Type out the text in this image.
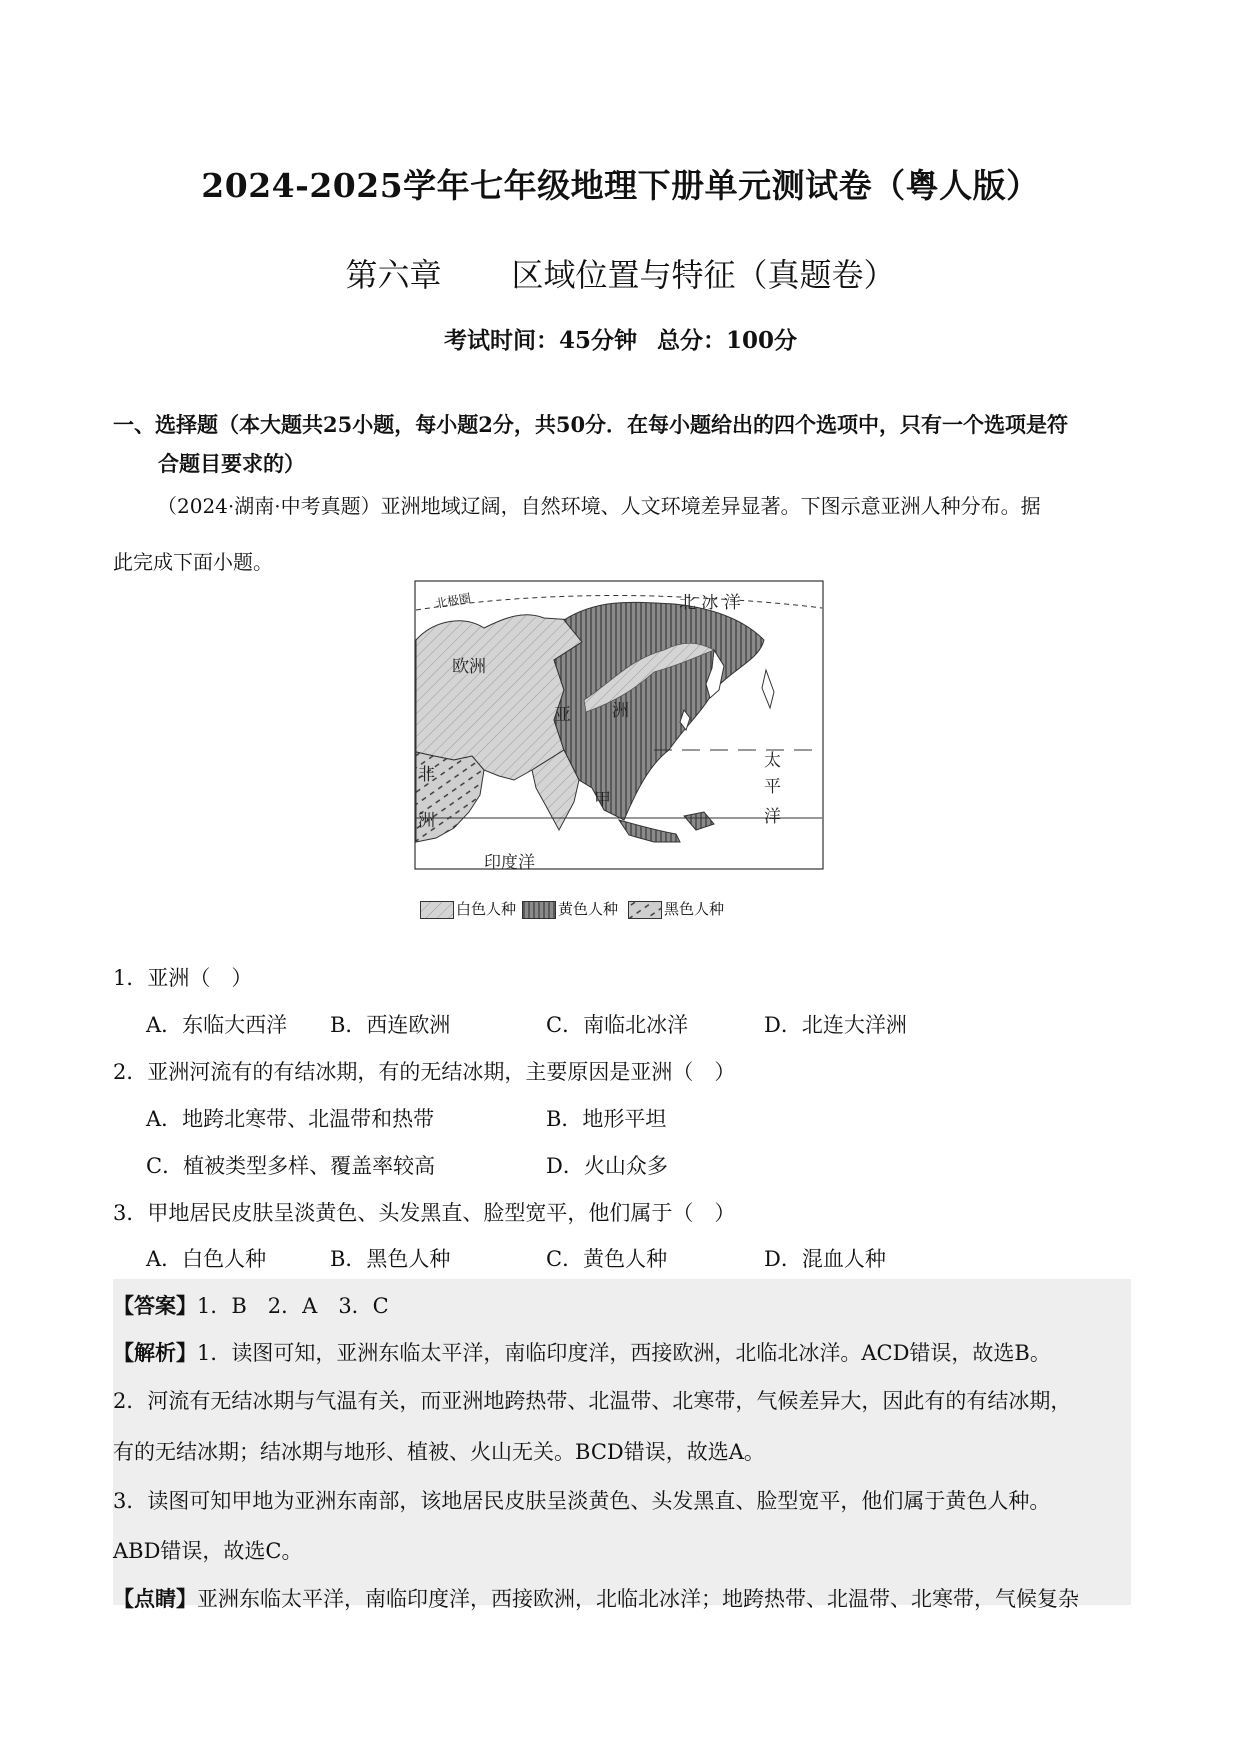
2024-2025学年七年级地理下册单元测试卷（粤人版）
第六章 区域位置与特征（真题卷）
考试时间：45分钟 总分：100分
一、选择题（本大题共25小题，每小题2分，共50分．在每小题给出的四个选项中，只有一个选项是符
合题目要求的）
（2024·湖南·中考真题）亚洲地域辽阔，自然环境、人文环境差异显著。下图示意亚洲人种分布。据
此完成下面小题。
北极圈	北 冰 洋
欧洲
亚 洲
非
洲
太
平
洋
甲
印度洋
白色人种	黄色人种	黑色人种
1．亚洲（　）
A．东临大西洋 B．西连欧洲	C．南临北冰洋	D．北连大洋洲
2．亚洲河流有的有结冰期，有的无结冰期，主要原因是亚洲（　）
A．地跨北寒带、北温带和热带	B．地形平坦
C．植被类型多样、覆盖率较高	D．火山众多
3．甲地居民皮肤呈淡黄色、头发黑直、脸型宽平，他们属于（　）
A．白色人种	B．黑色人种	C．黄色人种	D．混血人种
【答案】1．B　2．A　3．C
【解析】1．读图可知，亚洲东临太平洋，南临印度洋，西接欧洲，北临北冰洋。ACD错误，故选B。
2．河流有无结冰期与气温有关，而亚洲地跨热带、北温带、北寒带，气候差异大，因此有的有结冰期，
有的无结冰期；结冰期与地形、植被、火山无关。BCD错误，故选A。
3．读图可知甲地为亚洲东南部，该地居民皮肤呈淡黄色、头发黑直、脸型宽平，他们属于黄色人种。
ABD错误，故选C。
【点睛】亚洲东临太平洋，南临印度洋，西接欧洲，北临北冰洋；地跨热带、北温带、北寒带，气候复杂
